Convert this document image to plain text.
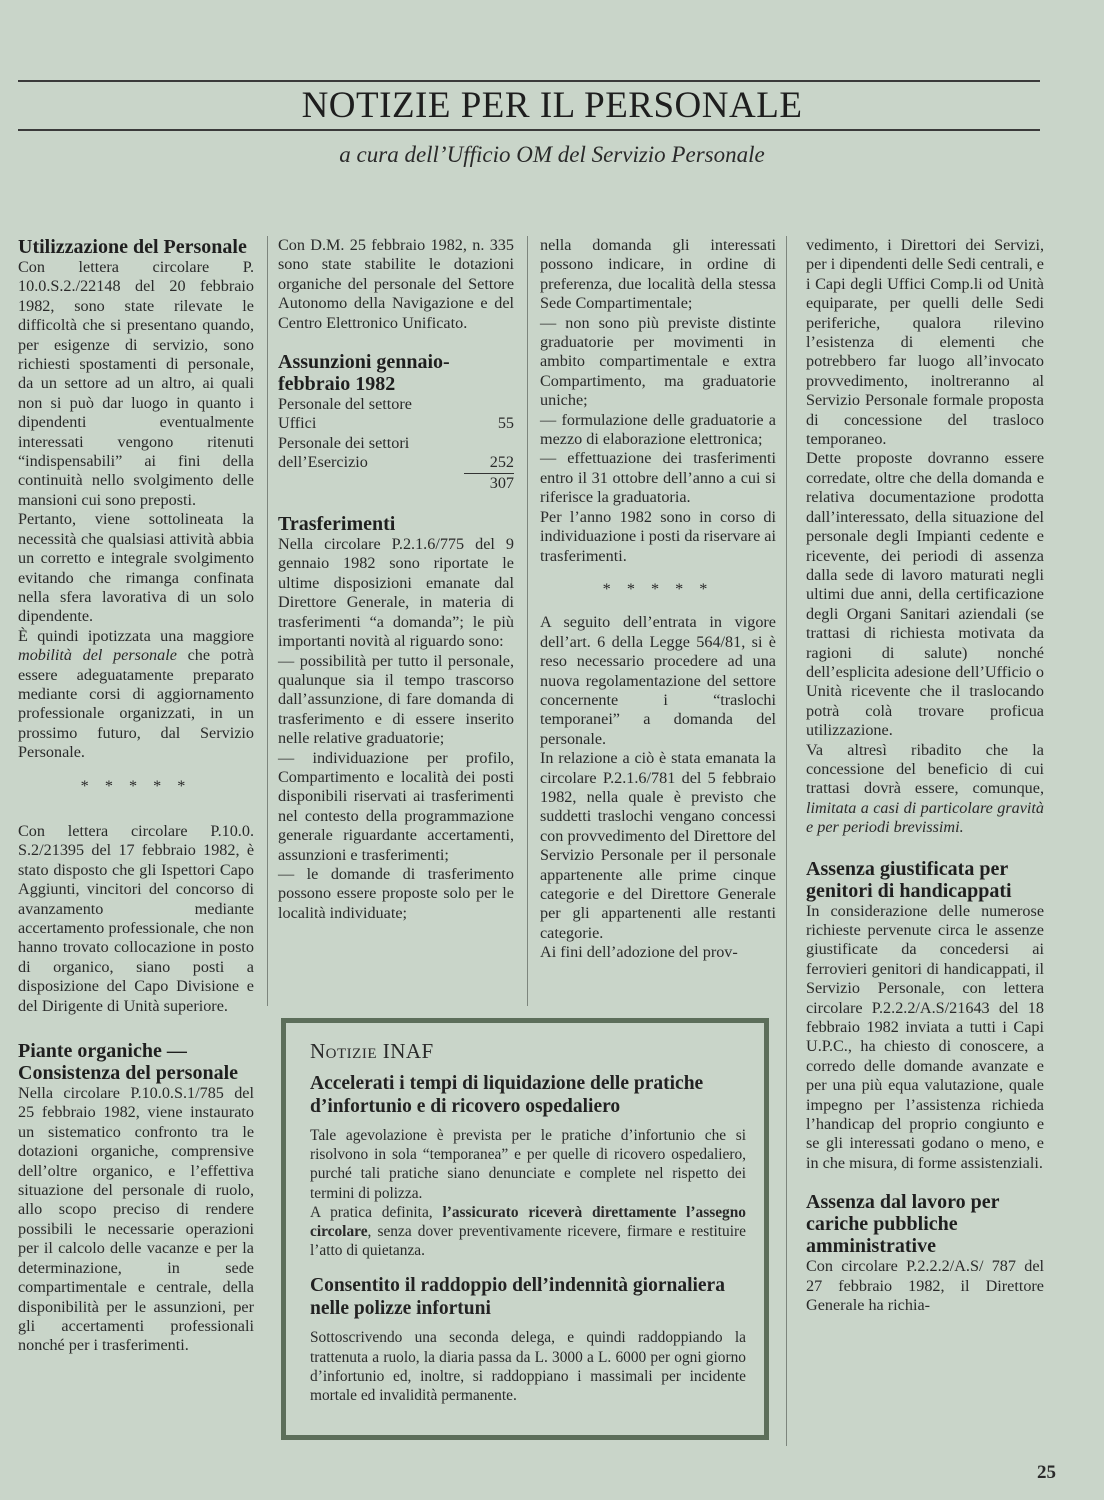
NOTIZIE PER IL PERSONALE
a cura dell’Ufficio OM del Servizio Personale
Utilizzazione del Personale

Con lettera circolare P. 10.0.S.2./22148 del 20 febbraio 1982, sono state rilevate le difficoltà che si presentano quando, per esigenze di servizio, sono richiesti spostamenti di personale, da un settore ad un altro, ai quali non si può dar luogo in quanto i dipendenti eventualmente interessati vengono ritenuti “indispensabili” ai fini della continuità nello svolgimento delle mansioni cui sono preposti.

Pertanto, viene sottolineata la necessità che qualsiasi attività abbia un corretto e integrale svolgimento evitando che rimanga confinata nella sfera lavorativa di un solo dipendente.

È quindi ipotizzata una maggiore mobilità del personale che potrà essere adeguatamente preparato mediante corsi di aggiornamento professionale organizzati, in un prossimo futuro, dal Servizio Personale.

* * * * *

Con lettera circolare P.10.0. S.2/21395 del 17 febbraio 1982, è stato disposto che gli Ispettori Capo Aggiunti, vincitori del concorso di avanzamento mediante accertamento professionale, che non hanno trovato collocazione in posto di organico, siano posti a disposizione del Capo Divisione e del Dirigente di Unità superiore.

Piante organiche — Consistenza del personale

Nella circolare P.10.0.S.1/785 del 25 febbraio 1982, viene instaurato un sistematico confronto tra le dotazioni organiche, comprensive dell’oltre organico, e l’effettiva situazione del personale di ruolo, allo scopo preciso di rendere possibili le necessarie operazioni per il calcolo delle vacanze e per la determinazione, in sede compartimentale e centrale, della disponibilità per le assunzioni, per gli accertamenti professionali nonché per i trasferimenti.

Con D.M. 25 febbraio 1982, n. 335 sono state stabilite le dotazioni organiche del personale del Settore Autonomo della Navigazione e del Centro Elettronico Unificato.

Assunzioni gennaio-febbraio 1982
Personale del settore	
Uffici	55
Personale dei settori	
dell’Esercizio	252
	307
Trasferimenti

Nella circolare P.2.1.6/775 del 9 gennaio 1982 sono riportate le ultime disposizioni emanate dal Direttore Generale, in materia di trasferimenti “a domanda”; le più importanti novità al riguardo sono:

— possibilità per tutto il personale, qualunque sia il tempo trascorso dall’assunzione, di fare domanda di trasferimento e di essere inserito nelle relative graduatorie;

— individuazione per profilo, Compartimento e località dei posti disponibili riservati ai trasferimenti nel contesto della programmazione generale riguardante accertamenti, assunzioni e trasferimenti;

— le domande di trasferimento possono essere proposte solo per le località individuate;

nella domanda gli interessati possono indicare, in ordine di preferenza, due località della stessa Sede Compartimentale;

— non sono più previste distinte graduatorie per movimenti in ambito compartimentale e extra Compartimento, ma graduatorie uniche;

— formulazione delle graduatorie a mezzo di elaborazione elettronica;

— effettuazione dei trasferimenti entro il 31 ottobre dell’anno a cui si riferisce la graduatoria.

Per l’anno 1982 sono in corso di individuazione i posti da riservare ai trasferimenti.

* * * * *

A seguito dell’entrata in vigore dell’art. 6 della Legge 564/81, si è reso necessario procedere ad una nuova regolamentazione del settore concernente i “traslochi temporanei” a domanda del personale.

In relazione a ciò è stata emanata la circolare P.2.1.6/781 del 5 febbraio 1982, nella quale è previsto che suddetti traslochi vengano concessi con provvedimento del Direttore del Servizio Personale per il personale appartenente alle prime cinque categorie e del Direttore Generale per gli appartenenti alle restanti categorie.

Ai fini dell’adozione del prov-

vedimento, i Direttori dei Servizi, per i dipendenti delle Sedi centrali, e i Capi degli Uffici Comp.li od Unità equiparate, per quelli delle Sedi periferiche, qualora rilevino l’esistenza di elementi che potrebbero far luogo all’invocato provvedimento, inoltreranno al Servizio Personale formale proposta di concessione del trasloco temporaneo.

Dette proposte dovranno essere corredate, oltre che della domanda e relativa documentazione prodotta dall’interessato, della situazione del personale degli Impianti cedente e ricevente, dei periodi di assenza dalla sede di lavoro maturati negli ultimi due anni, della certificazione degli Organi Sanitari aziendali (se trattasi di richiesta motivata da ragioni di salute) nonché dell’esplicita adesione dell’Ufficio o Unità ricevente che il traslocando potrà colà trovare proficua utilizzazione.

Va altresì ribadito che la concessione del beneficio di cui trattasi dovrà essere, comunque, limitata a casi di particolare gravità e per periodi brevissimi.

Assenza giustificata per genitori di handicappati

In considerazione delle numerose richieste pervenute circa le assenze giustificate da concedersi ai ferrovieri genitori di handicappati, il Servizio Personale, con lettera circolare P.2.2.2/A.S/21643 del 18 febbraio 1982 inviata a tutti i Capi U.P.C., ha chiesto di conoscere, a corredo delle domande avanzate e per una più equa valutazione, quale impegno per l’assistenza richieda l’handicap del proprio congiunto e se gli interessati godano o meno, e in che misura, di forme assistenziali.

Assenza dal lavoro per cariche pubbliche amministrative

Con circolare P.2.2.2/A.S/ 787 del 27 febbraio 1982, il Direttore Generale ha richia-

Notizie INAF
Accelerati i tempi di liquidazione delle pratiche d’infortunio e di ricovero ospedaliero

Tale agevolazione è prevista per le pratiche d’infortunio che si risolvono in sola “temporanea” e per quelle di ricovero ospedaliero, purché tali pratiche siano denunciate e complete nel rispetto dei termini di polizza.

A pratica definita, l’assicurato riceverà direttamente l’assegno circolare, senza dover preventivamente ricevere, firmare e restituire l’atto di quietanza.

Consentito il raddoppio dell’indennità giornaliera nelle polizze infortuni

Sottoscrivendo una seconda delega, e quindi raddoppiando la trattenuta a ruolo, la diaria passa da L. 3000 a L. 6000 per ogni giorno d’infortunio ed, inoltre, si raddoppiano i massimali per incidente mortale ed invalidità permanente.

25
